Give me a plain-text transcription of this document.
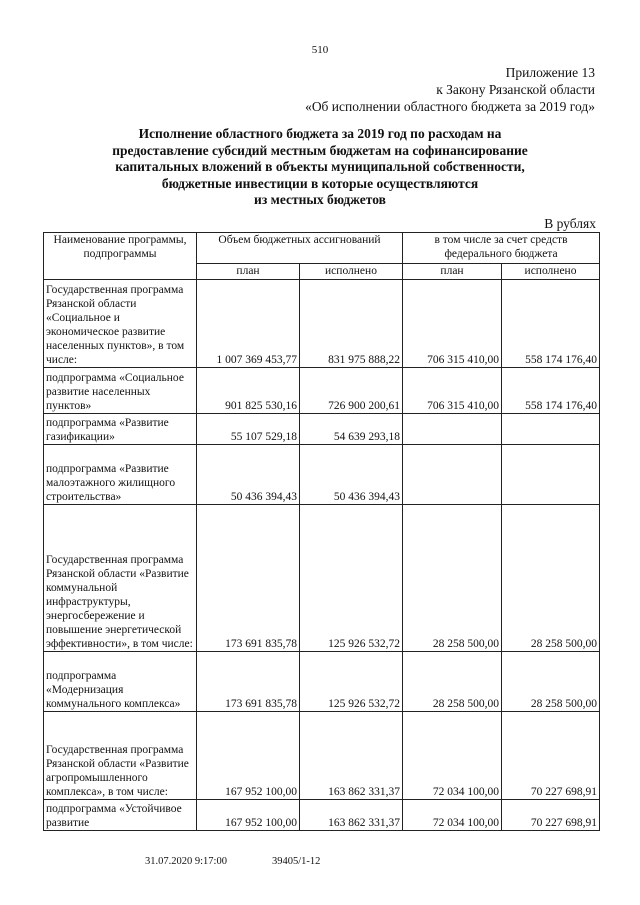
510
Приложение 13
к Закону Рязанской области
«Об исполнении областного бюджета за 2019 год»
Исполнение областного бюджета за 2019 год по расходам на
предоставление субсидий местным бюджетам на софинансирование
капитальных вложений в объекты муниципальной собственности,
бюджетные инвестиции в которые осуществляются
из местных бюджетов
В рублях
Наименование программы, подпрограммы	Объем бюджетных ассигнований		в том числе за счет средств федерального бюджета	
	план	исполнено	план	исполнено
Государственная программа Рязанской области «Социальное и экономическое развитие населенных пунктов», в том числе:	1 007 369 453,77	831 975 888,22	706 315 410,00	558 174 176,40
подпрограмма «Социальное развитие населенных пунктов»	901 825 530,16	726 900 200,61	706 315 410,00	558 174 176,40
подпрограмма «Развитие газификации»	55 107 529,18	54 639 293,18		
подпрограмма «Развитие малоэтажного жилищного строительства»	50 436 394,43	50 436 394,43		
Государственная программа Рязанской области «Развитие коммунальной инфраструктуры, энергосбережение и повышение энергетической эффективности», в том числе:	173 691 835,78	125 926 532,72	28 258 500,00	28 258 500,00
подпрограмма «Модернизация коммунального комплекса»	173 691 835,78	125 926 532,72	28 258 500,00	28 258 500,00
Государственная программа Рязанской области «Развитие агропромышленного комплекса», в том числе:	167 952 100,00	163 862 331,37	72 034 100,00	70 227 698,91
подпрограмма «Устойчивое развитие	167 952 100,00	163 862 331,37	72 034 100,00	70 227 698,91
31.07.2020 9:17:00	39405/1-12
